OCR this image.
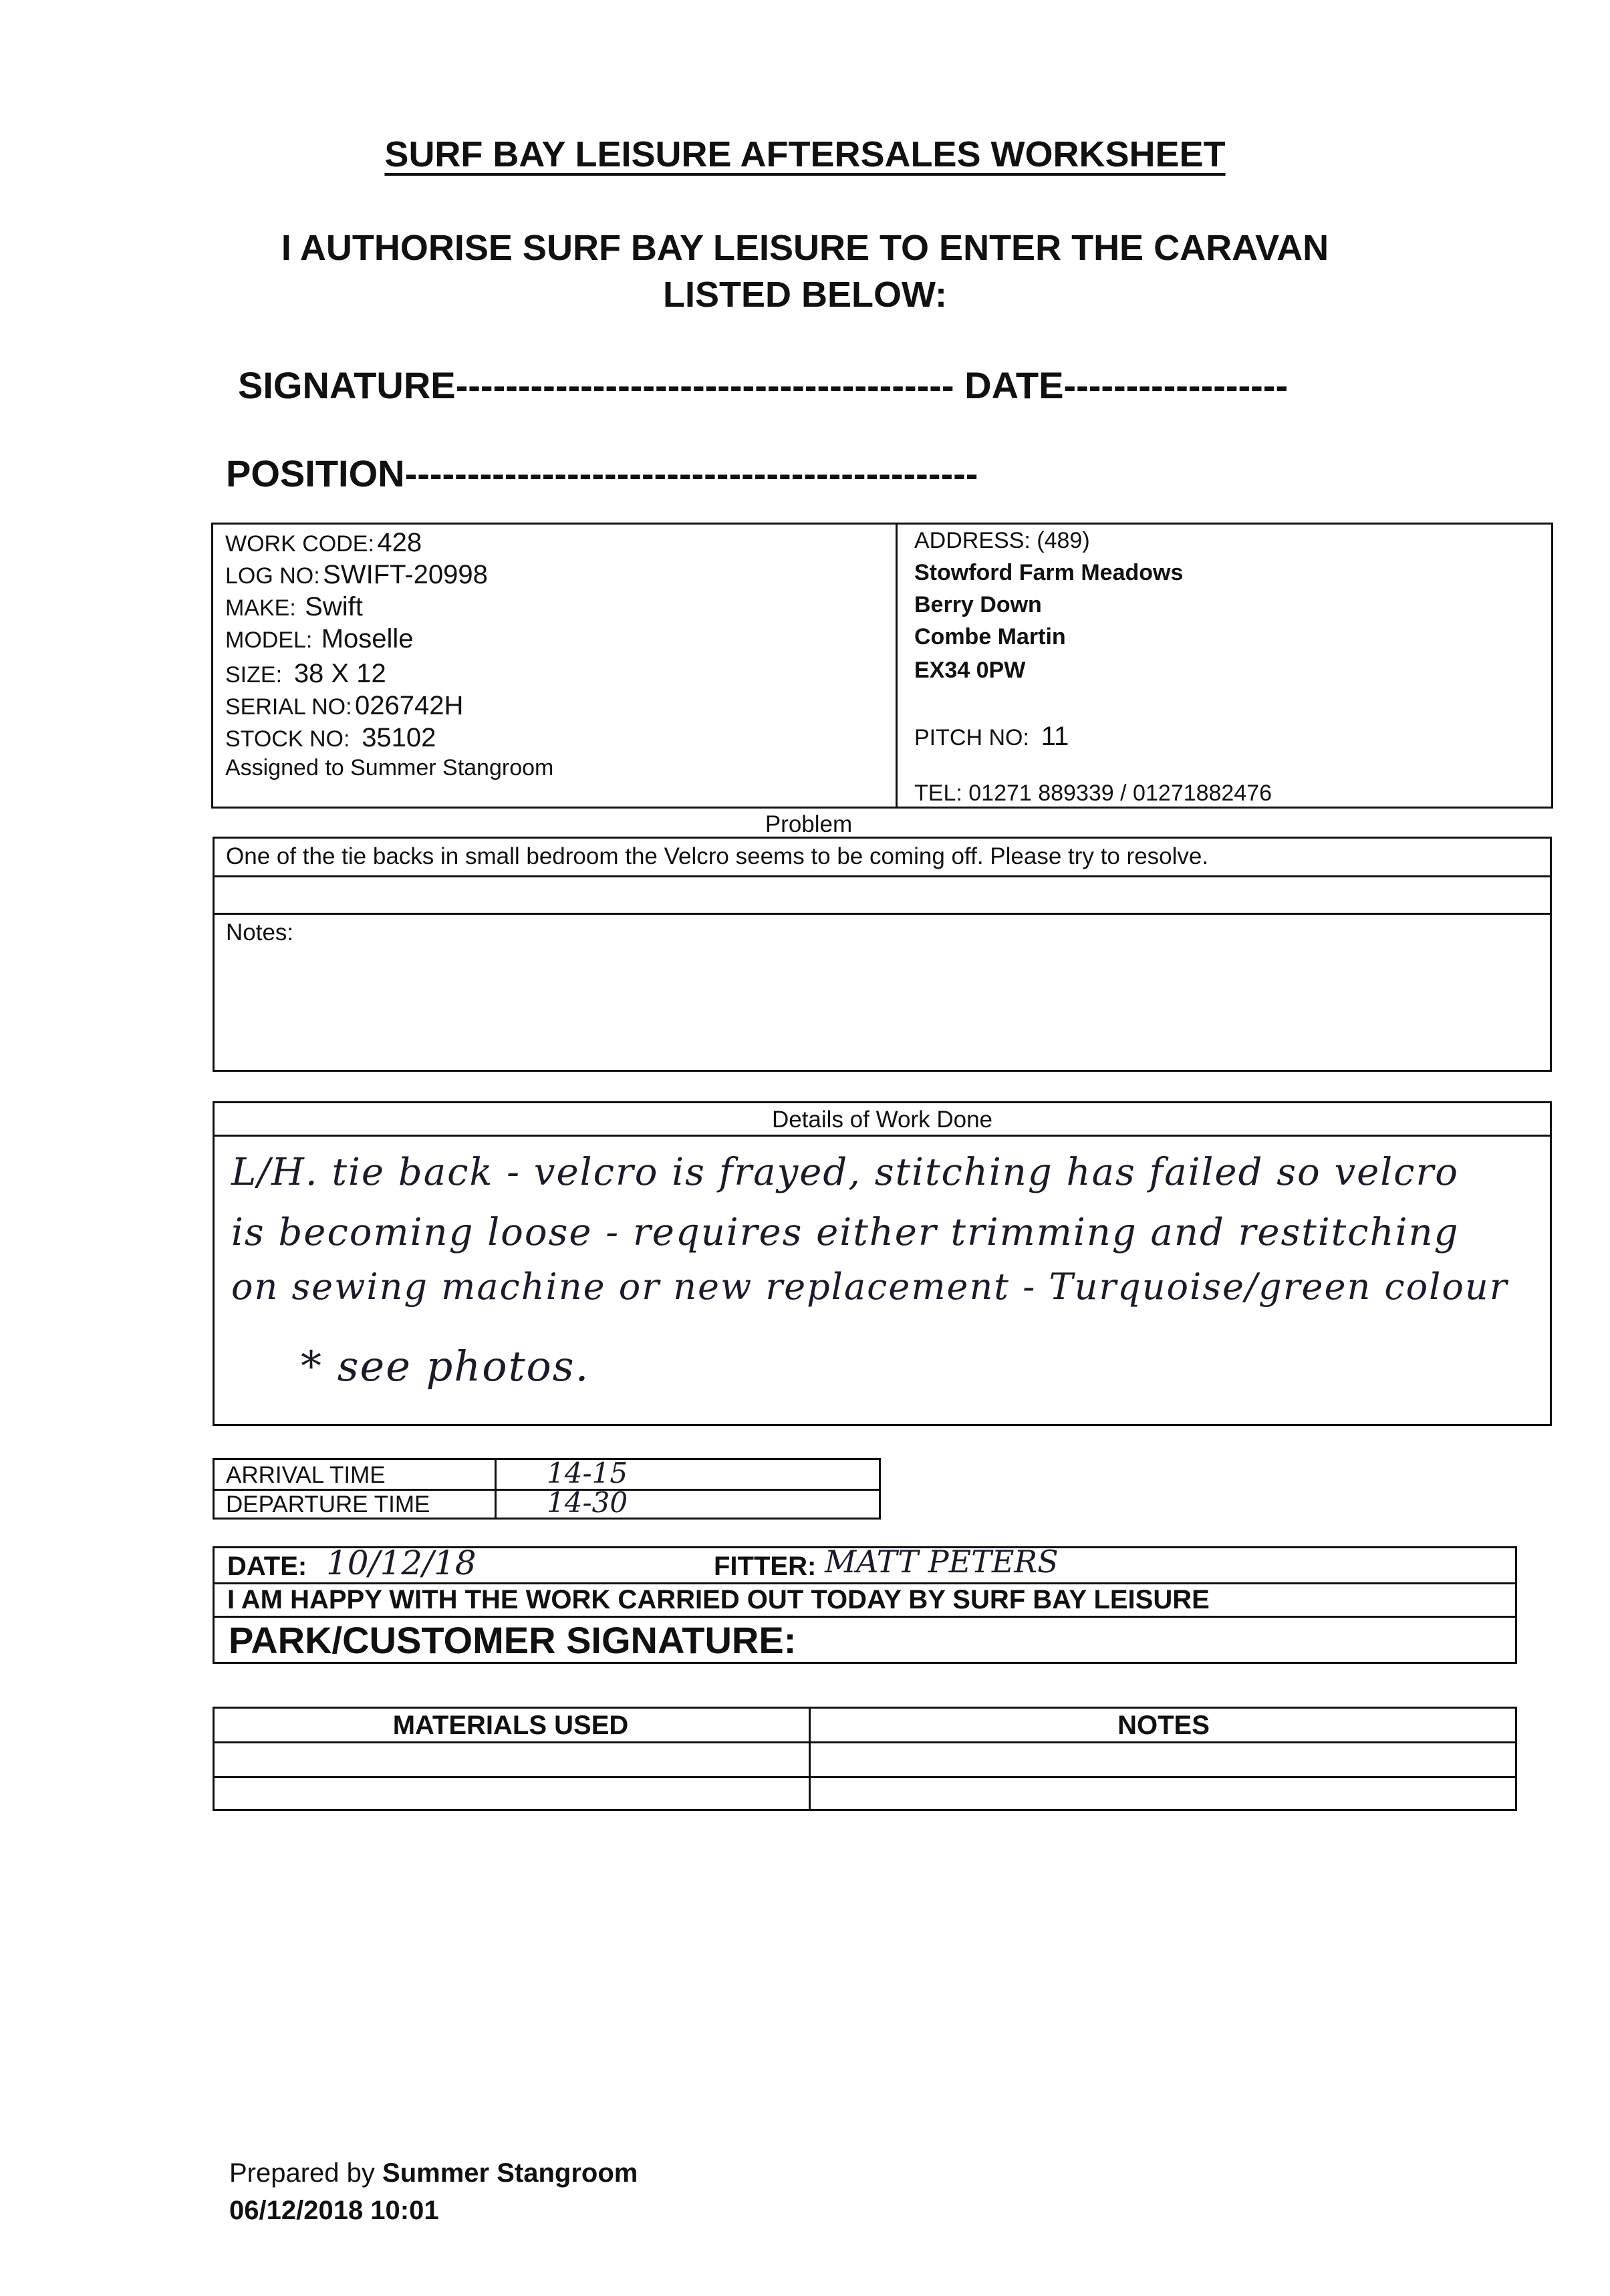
SURF BAY LEISURE AFTERSALES WORKSHEET
I AUTHORISE SURF BAY LEISURE TO ENTER THE CARAVAN
LISTED BELOW:
SIGNATURE---------------------------------------- DATE------------------
POSITION----------------------------------------------
WORK CODE: 428
LOG NO: SWIFT-20998
MAKE: Swift
MODEL: Moselle
SIZE: 38 X 12
SERIAL NO: 026742H
STOCK NO: 35102
Assigned to Summer Stangroom
ADDRESS: (489)
Stowford Farm Meadows
Berry Down
Combe Martin
EX34 0PW
PITCH NO: 11
TEL: 01271 889339 / 01271882476
Problem
One of the tie backs in small bedroom the Velcro seems to be coming off. Please try to resolve.
Notes:
Details of Work Done
L/H. tie back - velcro is frayed, stitching has failed so velcro
is becoming loose - requires either trimming and restitching
on sewing machine or new replacement - Turquoise/green colour
* see photos.
ARRIVAL TIME	14-15
DEPARTURE TIME	14-30
DATE: 10/12/18	FITTER: MATT PETERS
I AM HAPPY WITH THE WORK CARRIED OUT TODAY BY SURF BAY LEISURE
PARK/CUSTOMER SIGNATURE:
MATERIALS USED	NOTES
Prepared by Summer Stangroom
06/12/2018 10:01
